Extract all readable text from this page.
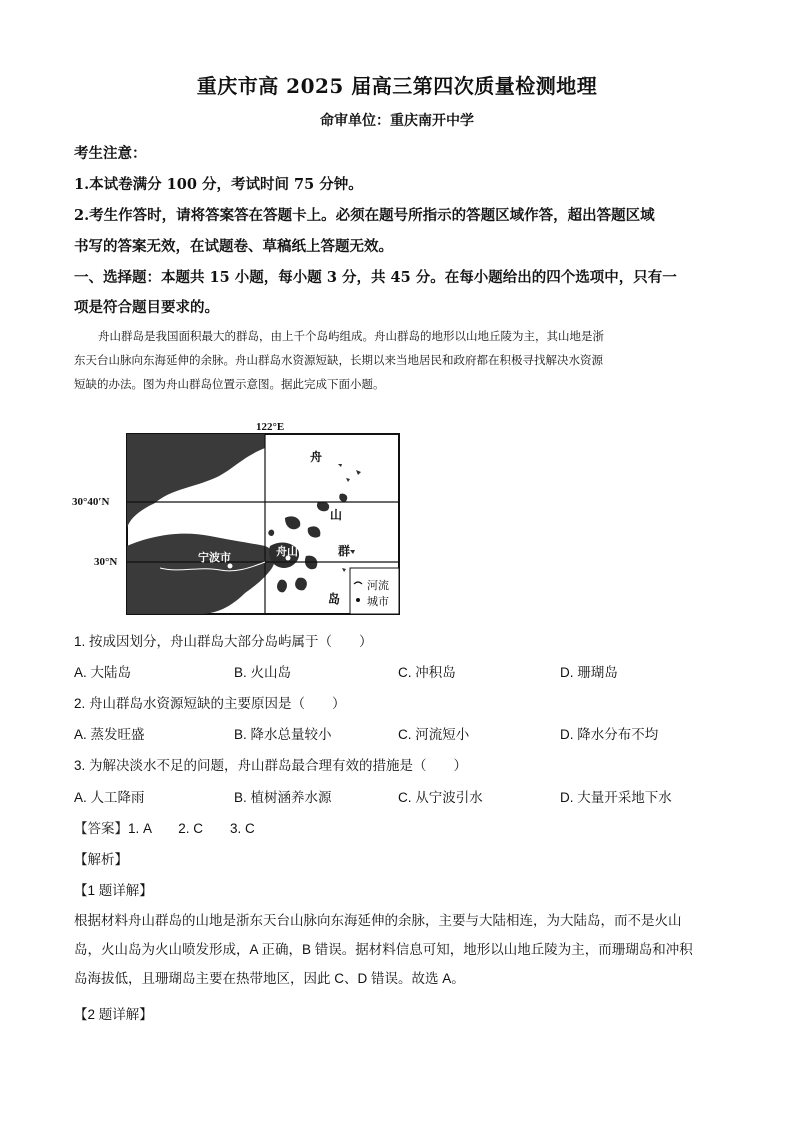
重庆市高 2025 届高三第四次质量检测地理
命审单位：重庆南开中学
考生注意：
1.本试卷满分 100 分，考试时间 75 分钟。
2.考生作答时，请将答案答在答题卡上。必须在题号所指示的答题区域作答，超出答题区域
书写的答案无效，在试题卷、草稿纸上答题无效。
一、选择题：本题共 15 小题，每小题 3 分，共 45 分。在每小题给出的四个选项中，只有一
项是符合题目要求的。
舟山群岛是我国面积最大的群岛，由上千个岛屿组成。舟山群岛的地形以山地丘陵为主，其山地是浙
东天台山脉向东海延伸的余脉。舟山群岛水资源短缺，长期以来当地居民和政府都在积极寻找解决水资源
短缺的办法。图为舟山群岛位置示意图。据此完成下面小题。
122°E
30°40′N
30°N
杭州湾
宁波市	舟山市
舟
山
群
岛
河流
城市
1. 按成因划分，舟山群岛大部分岛屿属于（　　）
A. 大陆岛	B. 火山岛	C. 冲积岛	D. 珊瑚岛
2. 舟山群岛水资源短缺的主要原因是（　　）
A. 蒸发旺盛	B. 降水总量较小	C. 河流短小	D. 降水分布不均
3. 为解决淡水不足的问题，舟山群岛最合理有效的措施是（　　）
A. 人工降雨	B. 植树涵养水源	C. 从宁波引水	D. 大量开采地下水
【答案】1. A　　2. C　　3. C
【解析】
【1 题详解】
根据材料舟山群岛的山地是浙东天台山脉向东海延伸的余脉，主要与大陆相连，为大陆岛，而不是火山
岛，火山岛为火山喷发形成，A 正确，B 错误。据材料信息可知，地形以山地丘陵为主，而珊瑚岛和冲积
岛海拔低，且珊瑚岛主要在热带地区，因此 C、D 错误。故选 A。
【2 题详解】
